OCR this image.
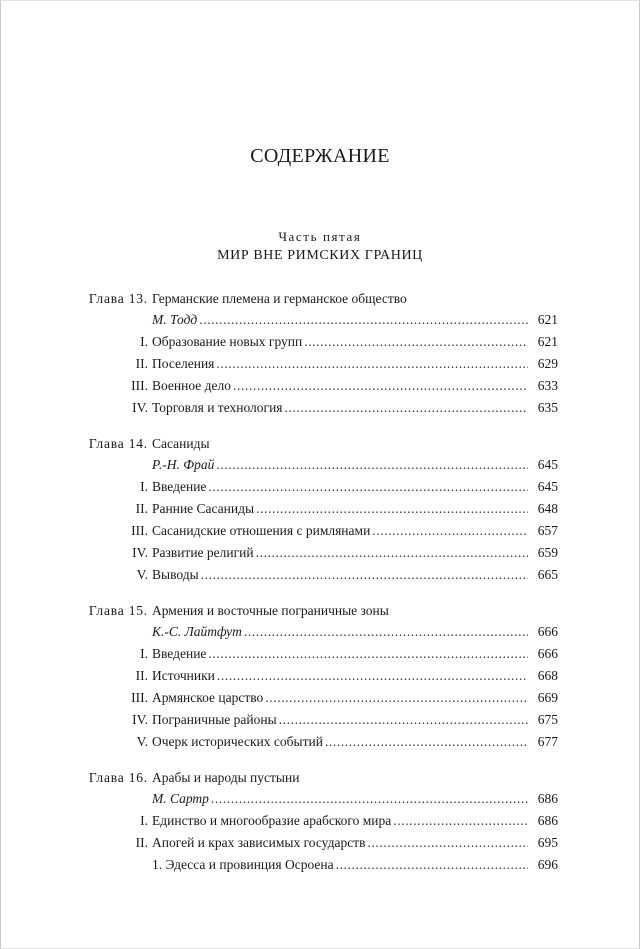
СОДЕРЖАНИЕ
Часть пятая
МИР ВНЕ РИМСКИХ ГРАНИЦ
Глава 13. Германские племена и германское общество
М. Тодд .....	621
I. Образование новых групп .....	621
II. Поселения .....	629
III. Военное дело .....	633
IV. Торговля и технология .....	635
Глава 14. Сасаниды
Р.-Н. Фрай .....	645
I. Введение .....	645
II. Ранние Сасаниды .....	648
III. Сасанидские отношения с римлянами .....	657
IV. Развитие религий .....	659
V. Выводы .....	665
Глава 15. Армения и восточные пограничные зоны
К.-С. Лайтфут .....	666
I. Введение .....	666
II. Источники .....	668
III. Армянское царство .....	669
IV. Пограничные районы .....	675
V. Очерк исторических событий .....	677
Глава 16. Арабы и народы пустыни
М. Сартр .....	686
I. Единство и многообразие арабского мира .....	686
II. Апогей и крах зависимых государств .....	695
1. Эдесса и провинция Осроена .....	696
